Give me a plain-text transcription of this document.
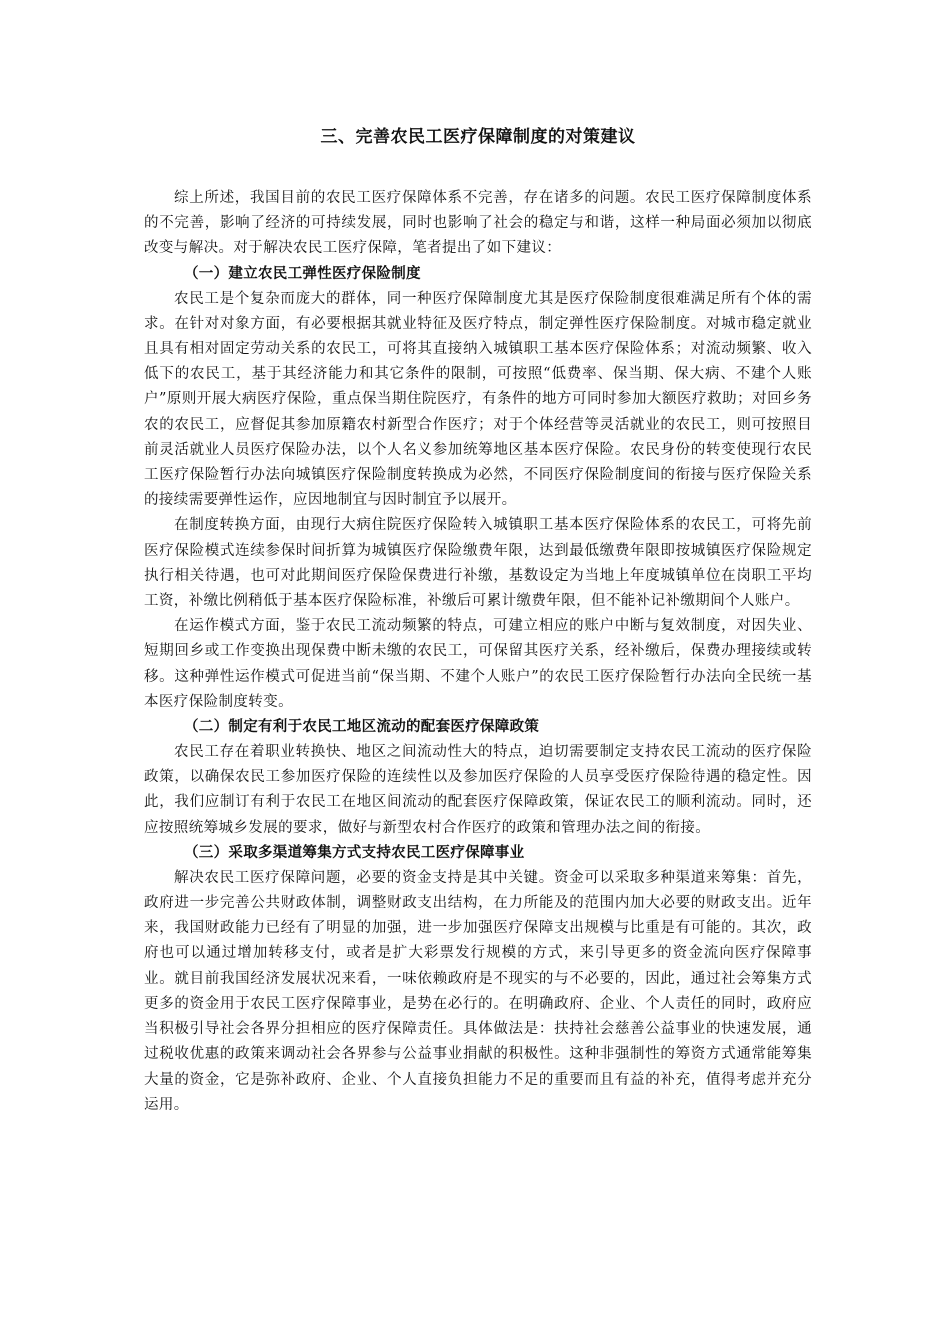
三、完善农民工医疗保障制度的对策建议

综上所述，我国目前的农民工医疗保障体系不完善，存在诸多的问题。农民工医疗保障制度体系的不完善，影响了经济的可持续发展，同时也影响了社会的稳定与和谐，这样一种局面必须加以彻底改变与解决。对于解决农民工医疗保障，笔者提出了如下建议：

（一）建立农民工弹性医疗保险制度

农民工是个复杂而庞大的群体，同一种医疗保障制度尤其是医疗保险制度很难满足所有个体的需求。在针对对象方面，有必要根据其就业特征及医疗特点，制定弹性医疗保险制度。对城市稳定就业且具有相对固定劳动关系的农民工，可将其直接纳入城镇职工基本医疗保险体系；对流动频繁、收入低下的农民工，基于其经济能力和其它条件的限制，可按照“低费率、保当期、保大病、不建个人账户”原则开展大病医疗保险，重点保当期住院医疗，有条件的地方可同时参加大额医疗救助；对回乡务农的农民工，应督促其参加原籍农村新型合作医疗；对于个体经营等灵活就业的农民工，则可按照目前灵活就业人员医疗保险办法，以个人名义参加统筹地区基本医疗保险。农民身份的转变使现行农民工医疗保险暂行办法向城镇医疗保险制度转换成为必然，不同医疗保险制度间的衔接与医疗保险关系的接续需要弹性运作，应因地制宜与因时制宜予以展开。

在制度转换方面，由现行大病住院医疗保险转入城镇职工基本医疗保险体系的农民工，可将先前医疗保险模式连续参保时间折算为城镇医疗保险缴费年限，达到最低缴费年限即按城镇医疗保险规定执行相关待遇，也可对此期间医疗保险保费进行补缴，基数设定为当地上年度城镇单位在岗职工平均工资，补缴比例稍低于基本医疗保险标准，补缴后可累计缴费年限，但不能补记补缴期间个人账户。

在运作模式方面，鉴于农民工流动频繁的特点，可建立相应的账户中断与复效制度，对因失业、短期回乡或工作变换出现保费中断未缴的农民工，可保留其医疗关系，经补缴后，保费办理接续或转移。这种弹性运作模式可促进当前“保当期、不建个人账户”的农民工医疗保险暂行办法向全民统一基本医疗保险制度转变。

（二）制定有利于农民工地区流动的配套医疗保障政策

农民工存在着职业转换快、地区之间流动性大的特点，迫切需要制定支持农民工流动的医疗保险政策，以确保农民工参加医疗保险的连续性以及参加医疗保险的人员享受医疗保险待遇的稳定性。因此，我们应制订有利于农民工在地区间流动的配套医疗保障政策，保证农民工的顺利流动。同时，还应按照统筹城乡发展的要求，做好与新型农村合作医疗的政策和管理办法之间的衔接。

（三）采取多渠道筹集方式支持农民工医疗保障事业

解决农民工医疗保障问题，必要的资金支持是其中关键。资金可以采取多种渠道来筹集：首先，政府进一步完善公共财政体制，调整财政支出结构，在力所能及的范围内加大必要的财政支出。近年来，我国财政能力已经有了明显的加强，进一步加强医疗保障支出规模与比重是有可能的。其次，政府也可以通过增加转移支付，或者是扩大彩票发行规模的方式，来引导更多的资金流向医疗保障事业。就目前我国经济发展状况来看，一味依赖政府是不现实的与不必要的，因此，通过社会筹集方式更多的资金用于农民工医疗保障事业，是势在必行的。在明确政府、企业、个人责任的同时，政府应当积极引导社会各界分担相应的医疗保障责任。具体做法是：扶持社会慈善公益事业的快速发展，通过税收优惠的政策来调动社会各界参与公益事业捐献的积极性。这种非强制性的筹资方式通常能筹集大量的资金，它是弥补政府、企业、个人直接负担能力不足的重要而且有益的补充，值得考虑并充分运用。
